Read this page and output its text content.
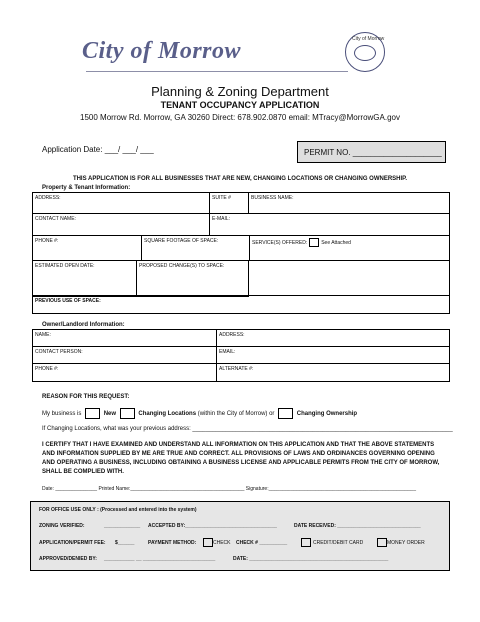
City of Morrow	City of Morrow
Planning & Zoning Department
TENANT OCCUPANCY APPLICATION
1500 Morrow Rd. Morrow, GA 30260 Direct: 678.902.0870 email: MTracy@MorrowGA.gov
Application Date: ___/ ___/ ___	PERMIT NO. ____________________
THIS APPLICATION IS FOR ALL BUSINESSES THAT ARE NEW, CHANGING LOCATIONS OR CHANGING OWNERSHIP.
Property & Tenant Information:
ADDRESS:	SUITE #	BUSINESS NAME:
CONTACT NAME:	E-MAIL:
PHONE #:	SQUARE FOOTAGE OF SPACE:	SERVICE(S) OFFERED:	See Attached
ESTIMATED OPEN DATE:	PROPOSED CHANGE(S) TO SPACE:	
PREVIOUS USE OF SPACE:
Owner/Landlord Information:
NAME:	ADDRESS:
CONTACT PERSON:	EMAIL:
PHONE #:	ALTERNATE #:
REASON FOR THIS REQUEST:
My business is	New	Changing Locations (within the City of Morrow) or	Changing Ownership
If Changing Locations, what was your previous address: ______________________________________________________________________________
I CERTIFY THAT I HAVE EXAMINED AND UNDERSTAND ALL INFORMATION ON THIS APPLICATION AND THAT THE ABOVE STATEMENTS AND INFORMATION SUPPLIED BY ME ARE TRUE AND CORRECT. ALL PROVISIONS OF LAWS AND ORDINANCES GOVERNING OPENING AND OPERATING A BUSINESS, INCLUDING OBTAINING A BUSINESS LICENSE AND APPLICABLE PERMITS FROM THE CITY OF MORROW, SHALL BE COMPLIED WITH.
Date: _______________ Printed Name:_________________________________________ Signature:_____________________________________________________
FOR OFFICE USE ONLY : (Processed and entered into the system)
ZONING VERIFIED:	_____________ ACCEPTED BY:_________________________________	DATE RECEIVED: ______________________________
APPLICATION/PERMIT FEE: $______	PAYMENT METHOD:	CHECK CHECK # __________	CREDIT/DEBIT CARD	MONEY ORDER
APPROVED/DENIED BY: ___________ __ __________________________	DATE: __________________________________________________
